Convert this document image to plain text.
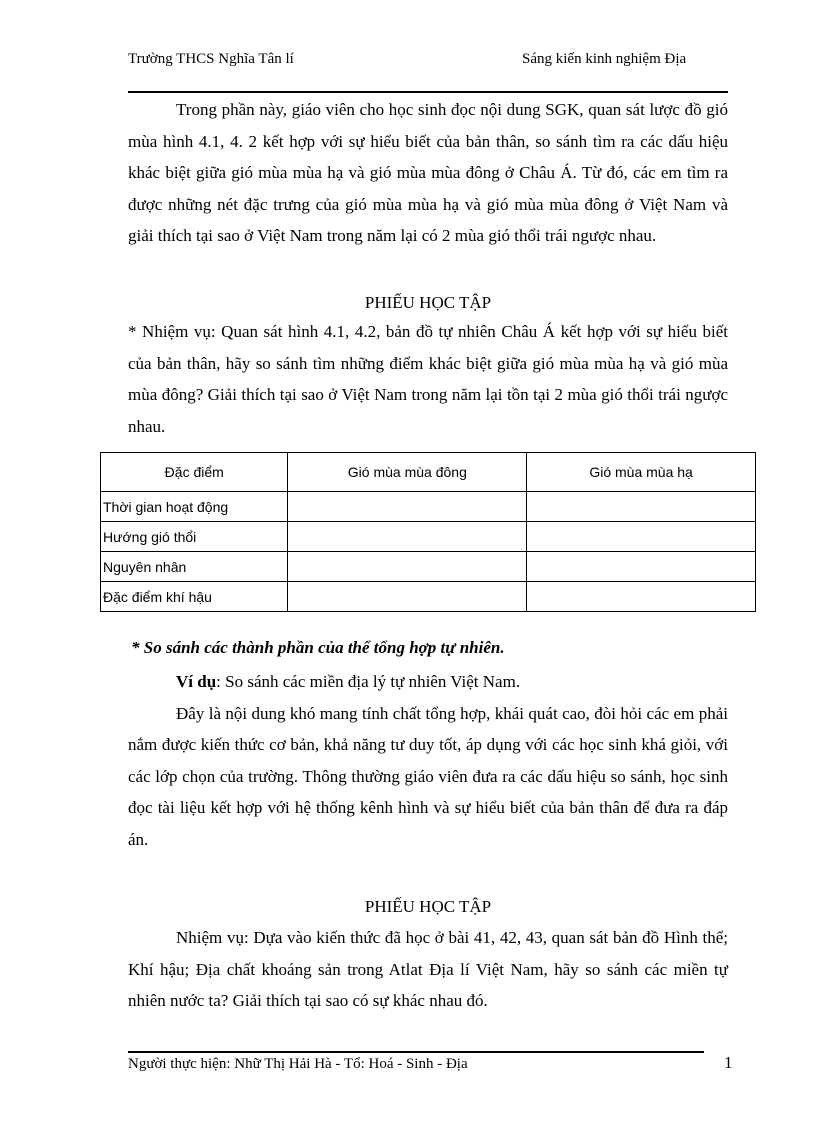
Trường THCS Nghĩa Tân lí	Sáng kiến kinh nghiệm Địa

Trong phần này, giáo viên cho học sinh đọc nội dung SGK, quan sát lược đồ gió mùa hình 4.1, 4. 2 kết hợp với sự hiểu biết của bản thân, so sánh tìm ra các dấu hiệu khác biệt giữa gió mùa mùa hạ và gió mùa mùa đông ở Châu Á. Từ đó, các em tìm ra được những nét đặc trưng của gió mùa mùa hạ và gió mùa mùa đông ở Việt Nam và giải thích tại sao ở Việt Nam trong năm lại có 2 mùa gió thổi trái ngược nhau.

PHIẾU HỌC TẬP

* Nhiệm vụ: Quan sát hình 4.1, 4.2, bản đồ tự nhiên Châu Á kết hợp với sự hiểu biết của bản thân, hãy so sánh tìm những điểm khác biệt giữa gió mùa mùa hạ và gió mùa mùa đông? Giải thích tại sao ở Việt Nam trong năm lại tồn tại 2 mùa gió thổi trái ngược nhau.

Đặc điểm	Gió mùa mùa đông	Gió mùa mùa hạ
Thời gian hoạt động		
Hướng gió thổi		
Nguyên nhân		
Đặc điểm khí hậu		
* So sánh các thành phần của thể tổng hợp tự nhiên.

Ví dụ: So sánh các miền địa lý tự nhiên Việt Nam.

Đây là nội dung khó mang tính chất tổng hợp, khái quát cao, đòi hỏi các em phải nắm được kiến thức cơ bản, khả năng tư duy tốt, áp dụng với các học sinh khá giỏi, với các lớp chọn của trường. Thông thường giáo viên đưa ra các dấu hiệu so sánh, học sinh đọc tài liệu kết hợp với hệ thống kênh hình và sự hiểu biết của bản thân để đưa ra đáp án.

PHIẾU HỌC TẬP

Nhiệm vụ: Dựa vào kiến thức đã học ở bài 41, 42, 43, quan sát bản đồ Hình thể; Khí hậu; Địa chất khoáng sản trong Atlat Địa lí Việt Nam, hãy so sánh các miền tự nhiên nước ta? Giải thích tại sao có sự khác nhau đó.

Người thực hiện: Nhữ Thị Hải Hà - Tổ: Hoá - Sinh - Địa	1
